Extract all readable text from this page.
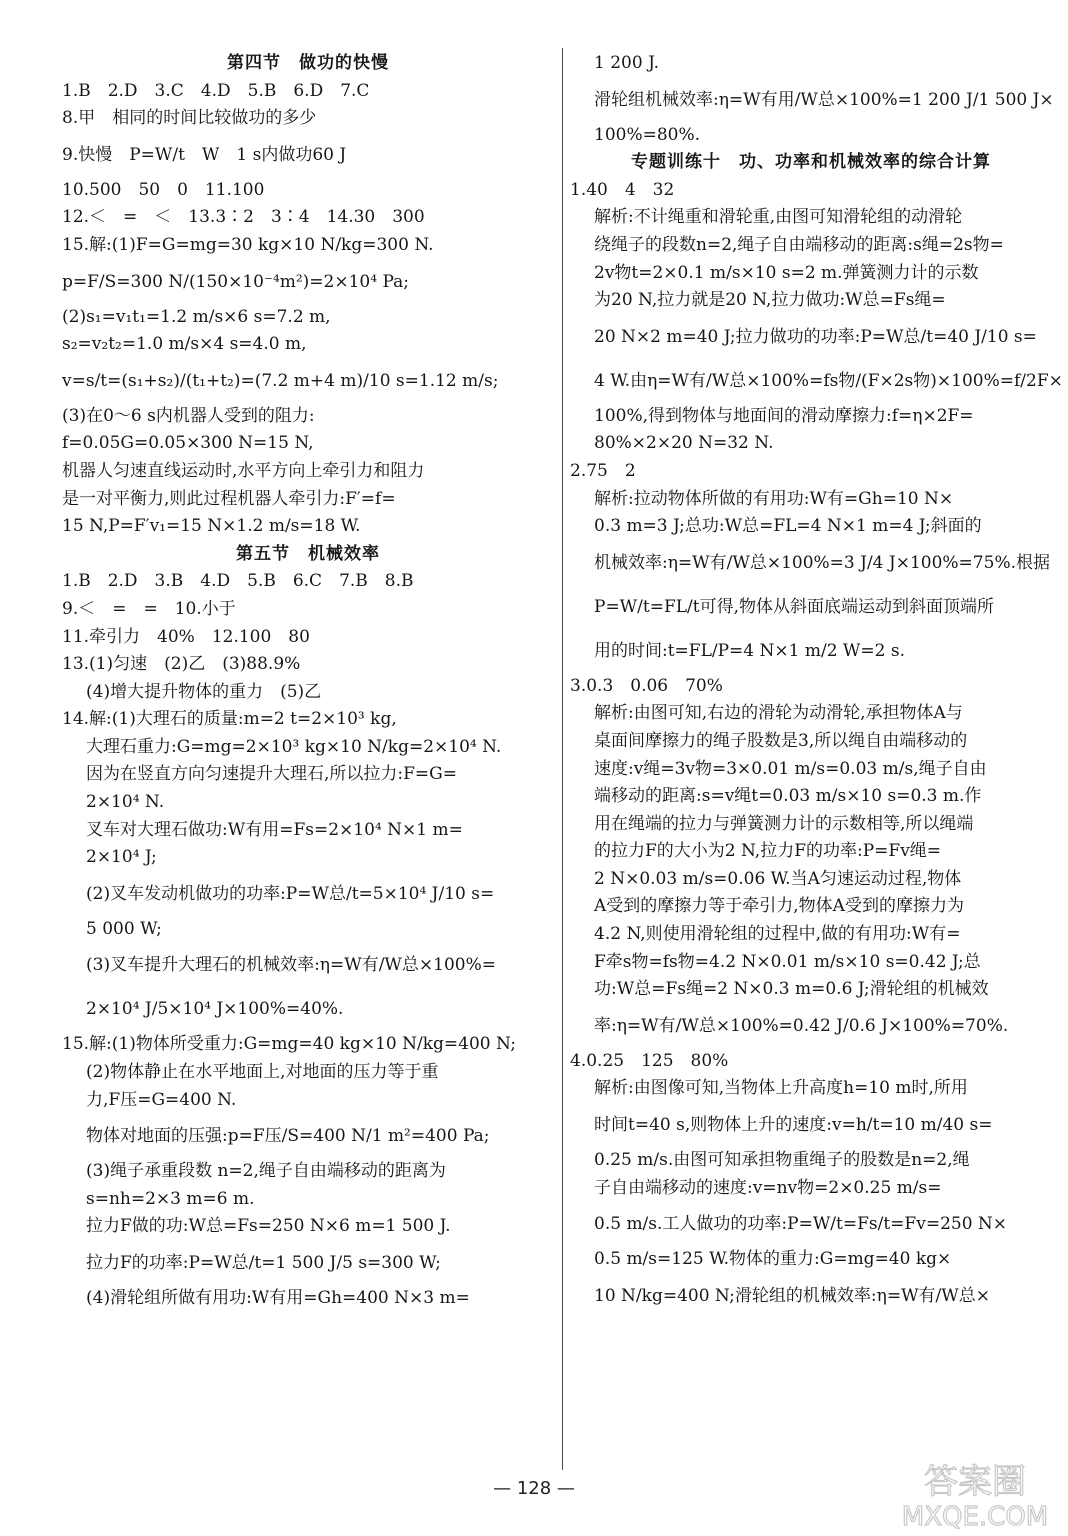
第四节　做功的快慢

1.B　2.D　3.C　4.D　5.B　6.D　7.C

8.甲　相同的时间比较做功的多少

9.快慢　P=W/t　W　1 s内做功60 J

10.500　50　0　11.100

12.＜　=　＜　13.3∶2　3∶4　14.30　300

15.解:(1)F=G=mg=30 kg×10 N/kg=300 N.

p=F/S=300 N/(150×10⁻⁴m²)=2×10⁴ Pa;

(2)s₁=v₁t₁=1.2 m/s×6 s=7.2 m,

s₂=v₂t₂=1.0 m/s×4 s=4.0 m,

v=s/t=(s₁+s₂)/(t₁+t₂)=(7.2 m+4 m)/10 s=1.12 m/s;

(3)在0～6 s内机器人受到的阻力:

f=0.05G=0.05×300 N=15 N,

机器人匀速直线运动时,水平方向上牵引力和阻力

是一对平衡力,则此过程机器人牵引力:F′=f=

15 N,P=F′v₁=15 N×1.2 m/s=18 W.

第五节　机械效率

1.B　2.D　3.B　4.D　5.B　6.C　7.B　8.B

9.＜　=　=　10.小于

11.牵引力　40%　12.100　80

13.(1)匀速　(2)乙　(3)88.9%

(4)增大提升物体的重力　(5)乙

14.解:(1)大理石的质量:m=2 t=2×10³ kg,

大理石重力:G=mg=2×10³ kg×10 N/kg=2×10⁴ N.

因为在竖直方向匀速提升大理石,所以拉力:F=G=

2×10⁴ N.

叉车对大理石做功:W有用=Fs=2×10⁴ N×1 m=

2×10⁴ J;

(2)叉车发动机做功的功率:P=W总/t=5×10⁴ J/10 s=

5 000 W;

(3)叉车提升大理石的机械效率:η=W有/W总×100%=

2×10⁴ J/5×10⁴ J×100%=40%.

15.解:(1)物体所受重力:G=mg=40 kg×10 N/kg=400 N;

(2)物体静止在水平地面上,对地面的压力等于重

力,F压=G=400 N.

物体对地面的压强:p=F压/S=400 N/1 m²=400 Pa;

(3)绳子承重段数 n=2,绳子自由端移动的距离为

s=nh=2×3 m=6 m.

拉力F做的功:W总=Fs=250 N×6 m=1 500 J.

拉力F的功率:P=W总/t=1 500 J/5 s=300 W;

(4)滑轮组所做有用功:W有用=Gh=400 N×3 m=

1 200 J.

滑轮组机械效率:η=W有用/W总×100%=1 200 J/1 500 J×

100%=80%.

专题训练十　功、功率和机械效率的综合计算

1.40　4　32

解析:不计绳重和滑轮重,由图可知滑轮组的动滑轮

绕绳子的段数n=2,绳子自由端移动的距离:s绳=2s物=

2v物t=2×0.1 m/s×10 s=2 m.弹簧测力计的示数

为20 N,拉力就是20 N,拉力做功:W总=Fs绳=

20 N×2 m=40 J;拉力做功的功率:P=W总/t=40 J/10 s=

4 W.由η=W有/W总×100%=fs物/(F×2s物)×100%=f/2F×

100%,得到物体与地面间的滑动摩擦力:f=η×2F=

80%×2×20 N=32 N.

2.75　2

解析:拉动物体所做的有用功:W有=Gh=10 N×

0.3 m=3 J;总功:W总=FL=4 N×1 m=4 J;斜面的

机械效率:η=W有/W总×100%=3 J/4 J×100%=75%.根据

P=W/t=FL/t可得,物体从斜面底端运动到斜面顶端所

用的时间:t=FL/P=4 N×1 m/2 W=2 s.

3.0.3　0.06　70%

解析:由图可知,右边的滑轮为动滑轮,承担物体A与

桌面间摩擦力的绳子股数是3,所以绳自由端移动的

速度:v绳=3v物=3×0.01 m/s=0.03 m/s,绳子自由

端移动的距离:s=v绳t=0.03 m/s×10 s=0.3 m.作

用在绳端的拉力与弹簧测力计的示数相等,所以绳端

的拉力F的大小为2 N,拉力F的功率:P=Fv绳=

2 N×0.03 m/s=0.06 W.当A匀速运动过程,物体

A受到的摩擦力等于牵引力,物体A受到的摩擦力为

4.2 N,则使用滑轮组的过程中,做的有用功:W有=

F牵s物=fs物=4.2 N×0.01 m/s×10 s=0.42 J;总

功:W总=Fs绳=2 N×0.3 m=0.6 J;滑轮组的机械效

率:η=W有/W总×100%=0.42 J/0.6 J×100%=70%.

4.0.25　125　80%

解析:由图像可知,当物体上升高度h=10 m时,所用

时间t=40 s,则物体上升的速度:v=h/t=10 m/40 s=

0.25 m/s.由图可知承担物重绳子的股数是n=2,绳

子自由端移动的速度:v=nv物=2×0.25 m/s=

0.5 m/s.工人做功的功率:P=W/t=Fs/t=Fv=250 N×

0.5 m/s=125 W.物体的重力:G=mg=40 kg×

10 N/kg=400 N;滑轮组的机械效率:η=W有/W总×

— 128 —	答案圈
MXQE.COM
